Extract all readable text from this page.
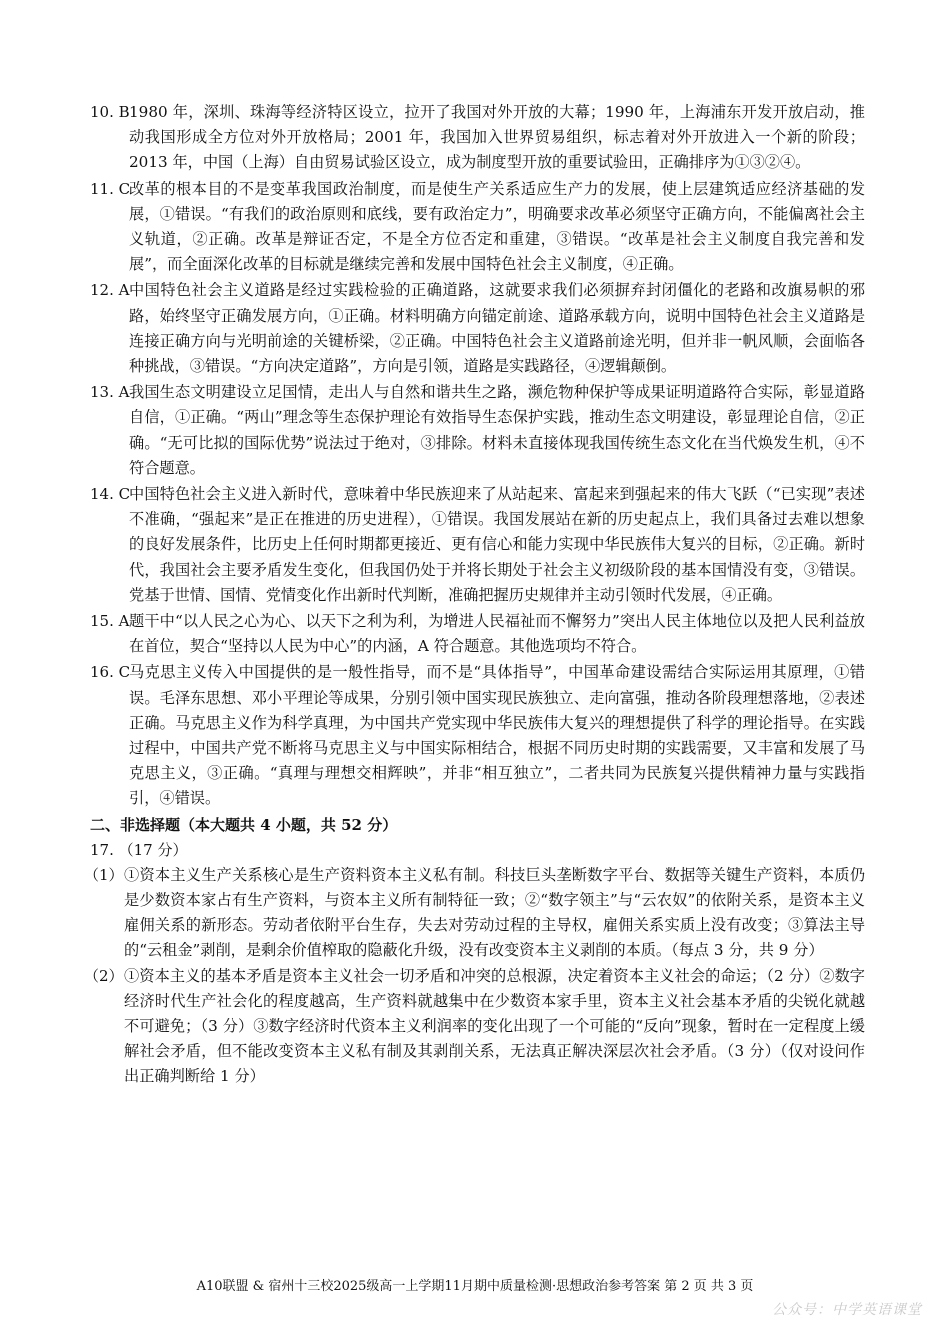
10. B 1980 年，深圳、珠海等经济特区设立，拉开了我国对外开放的大幕；1990 年，上海浦东开发开放启动，推动我国形成全方位对外开放格局；2001 年，我国加入世界贸易组织，标志着对外开放进入一个新的阶段；2013 年，中国（上海）自由贸易试验区设立，成为制度型开放的重要试验田，正确排序为①③②④。
11. C
改革的根本目的不是变革我国政治制度，而是使生产关系适应生产力的发展，使上层建筑适应经济基础的发展，①错误。“有我们的政治原则和底线，要有政治定力”，明确要求改革必须坚守正确方向，不能偏离社会主义轨道，②正确。改革是辩证否定，不是全方位否定和重建，③错误。“改革是社会主义制度自我完善和发展”，而全面深化改革的目标就是继续完善和发展中国特色社会主义制度，④正确。
12. A 中国特色社会主义道路是经过实践检验的正确道路，这就要求我们必须摒弃封闭僵化的老路和改旗易帜的邪路，始终坚守正确发展方向，①正确。材料明确方向锚定前途、道路承载方向，说明中国特色社会主义道路是连接正确方向与光明前途的关键桥梁，②正确。中国特色社会主义道路前途光明，但并非一帆风顺，会面临各种挑战，③错误。“方向决定道路”，方向是引领，道路是实践路径，④逻辑颠倒。
13. A 我国生态文明建设立足国情，走出人与自然和谐共生之路，濒危物种保护等成果证明道路符合实际，彰显道路自信，①正确。“两山”理念等生态保护理论有效指导生态保护实践，推动生态文明建设，彰显理论自信，②正确。“无可比拟的国际优势”说法过于绝对，③排除。材料未直接体现我国传统生态文化在当代焕发生机，④不符合题意。
14. C
中国特色社会主义进入新时代，意味着中华民族迎来了从站起来、富起来到强起来的伟大飞跃（“已实现”表述不准确，“强起来”是正在推进的历史进程），①错误。我国发展站在新的历史起点上，我们具备过去难以想象的良好发展条件，比历史上任何时期都更接近、更有信心和能力实现中华民族伟大复兴的目标，②正确。新时代，我国社会主要矛盾发生变化，但我国仍处于并将长期处于社会主义初级阶段的基本国情没有变，③错误。党基于世情、国情、党情变化作出新时代判断，准确把握历史规律并主动引领时代发展，④正确。
15. A 题干中“以人民之心为心、以天下之利为利，为增进人民福祉而不懈努力”突出人民主体地位以及把人民利益放在首位，契合“坚持以人民为中心”的内涵，A 符合题意。其他选项均不符合。
16. C
马克思主义传入中国提供的是一般性指导，而不是“具体指导”，中国革命建设需结合实际运用其原理，①错误。毛泽东思想、邓小平理论等成果，分别引领中国实现民族独立、走向富强，推动各阶段理想落地，②表述正确。马克思主义作为科学真理，为中国共产党实现中华民族伟大复兴的理想提供了科学的理论指导。在实践过程中，中国共产党不断将马克思主义与中国实际相结合，根据不同历史时期的实践需要，又丰富和发展了马克思主义，③正确。“真理与理想交相辉映”，并非“相互独立”，二者共同为民族复兴提供精神力量与实践指引，④错误。
二、非选择题（本大题共 4 小题，共 52 分）
17. （17 分）
（1） ①资本主义生产关系核心是生产资料资本主义私有制。科技巨头垄断数字平台、数据等关键生产资料，本质仍是少数资本家占有生产资料，与资本主义所有制特征一致；②“数字领主”与“云农奴”的依附关系，是资本主义雇佣关系的新形态。劳动者依附平台生存，失去对劳动过程的主导权，雇佣关系实质上没有改变；③算法主导的“云租金”剥削，是剩余价值榨取的隐蔽化升级，没有改变资本主义剥削的本质。（每点 3 分，共 9 分）
（2） ①资本主义的基本矛盾是资本主义社会一切矛盾和冲突的总根源，决定着资本主义社会的命运；（2 分）②数字经济时代生产社会化的程度越高，生产资料就越集中在少数资本家手里，资本主义社会基本矛盾的尖锐化就越不可避免；（3 分）③数字经济时代资本主义利润率的变化出现了一个可能的“反向”现象，暂时在一定程度上缓解社会矛盾，但不能改变资本主义私有制及其剥削关系，无法真正解决深层次社会矛盾。（3 分）（仅对设问作出正确判断给 1 分）
A10联盟 & 宿州十三校2025级高一上学期11月期中质量检测·思想政治参考答案 第 2 页 共 3 页
公众号：中学英语课堂
